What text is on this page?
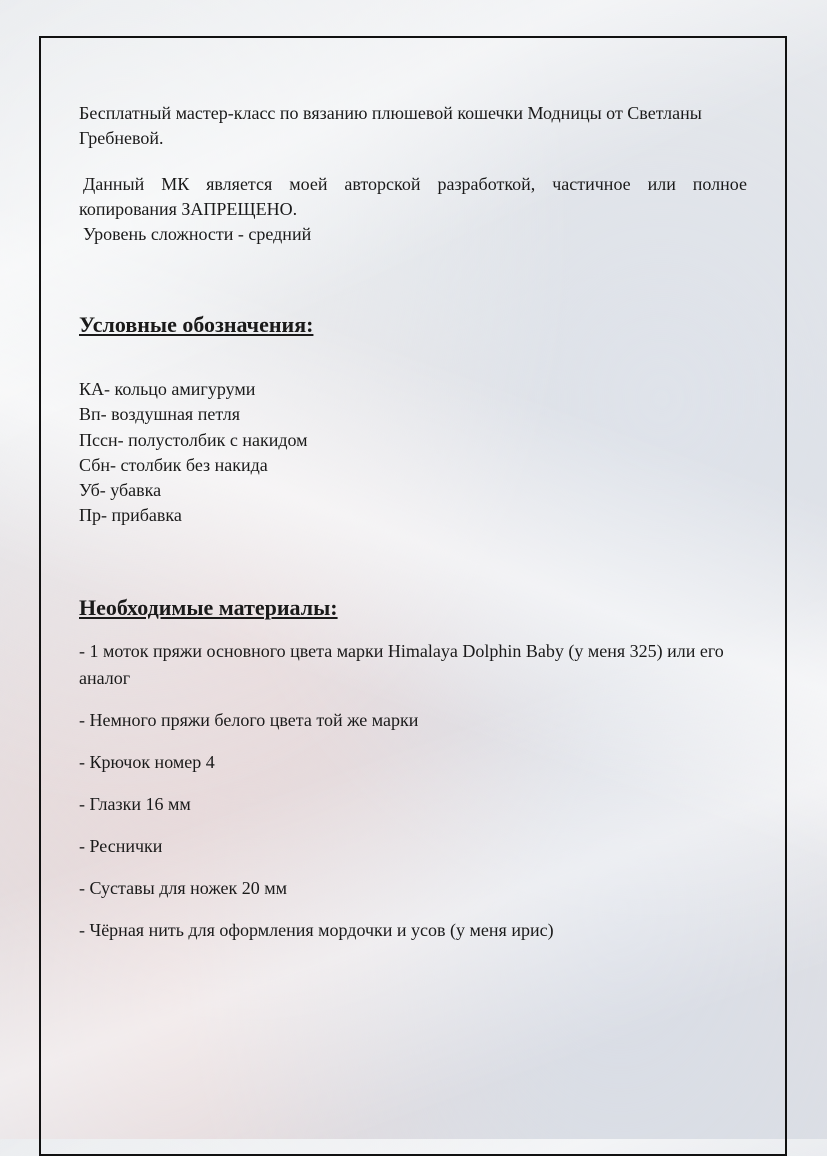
Бесплатный мастер-класс по вязанию плюшевой кошечки Модницы от Светланы Гребневой.

Данный МК является моей авторской разработкой, частичное или полное копирования ЗАПРЕЩЕНО.

Уровень сложности - средний

Условные обозначения:
КА- кольцо амигуруми
Вп- воздушная петля
Пссн- полустолбик с накидом
Сбн- столбик без накида
Уб- убавка
Пр- прибавка
Необходимые материалы:
- 1 моток пряжи основного цвета марки Himalaya Dolphin Baby (у меня 325) или его аналог
- Немного пряжи белого цвета той же марки
- Крючок номер 4
- Глазки 16 мм
- Реснички
- Суставы для ножек 20 мм
- Чёрная нить для оформления мордочки и усов (у меня ирис)
